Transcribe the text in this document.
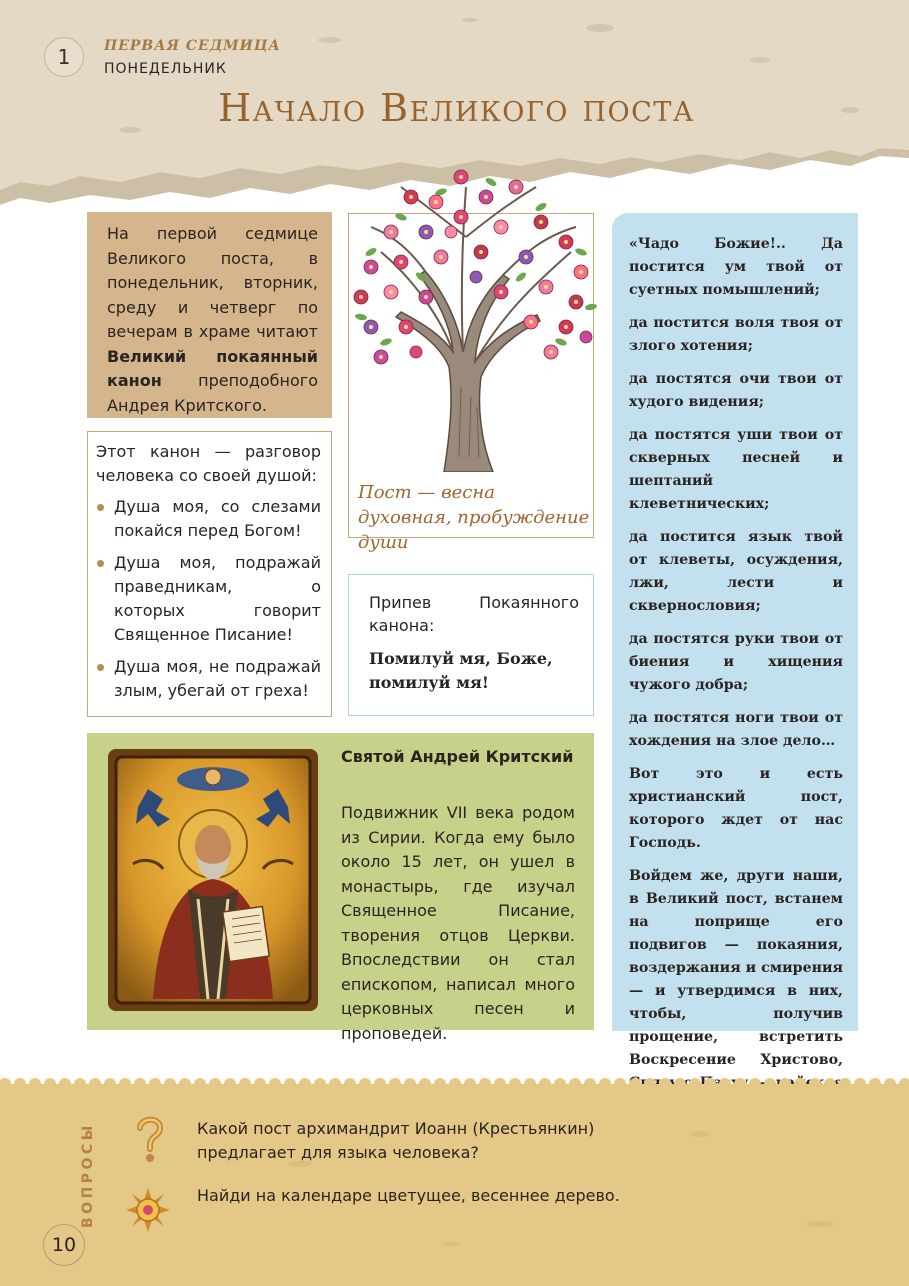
1	ПЕРВАЯ СЕДМИЦА
ПОНЕДЕЛЬНИК
Начало Великого поста
На первой седмице Великого поста, в понедельник, вторник, среду и четверг по вечерам в храме читают Великий покаянный канон преподобного Андрея Критского.
Этот канон — разговор человека со своей душой:
Душа моя, со слезами покайся перед Богом!
Душа моя, подражай праведникам, о которых говорит Священное Писание!
Душа моя, не подражай злым, убегай от греха!
Пост — весна духовная, пробуждение души
Припев Покаянного канона:
Помилуй мя, Боже, помилуй мя!
Святой Андрей Критский
Подвижник VII века родом из Сирии. Когда ему было около 15 лет, он ушел в монастырь, где изучал Священное Писание, творения отцов Церкви. Впоследствии он стал епископом, написал много церковных песен и проповедей.

«Чадо Божие!.. Да постится ум твой от суетных помышлений;

да постится воля твоя от злого хотения;

да постятся очи твои от худого видения;

да постятся уши твои от скверных песней и шептаний клеветнических;

да постится язык твой от клеветы, осуждения, лжи, лести и сквернословия;

да постятся руки твои от биения и хищения чужого добра;

да постятся ноги твои от хождения на злое дело…

Вот это и есть христианский пост, которого ждет от нас Господь.

Войдем же, други наши, в Великий пост, встанем на поприще его подвигов — покаяния, воздержания и смирения — и утвердимся в них, чтобы, получив прощение, встретить Воскресение Христово, —

ВОПРОСЫ	Какой пост архимандрит Иоанн (Крестьянкин) предлагает для языка человека?
Найди на календаре цветущее, весеннее дерево.
10
